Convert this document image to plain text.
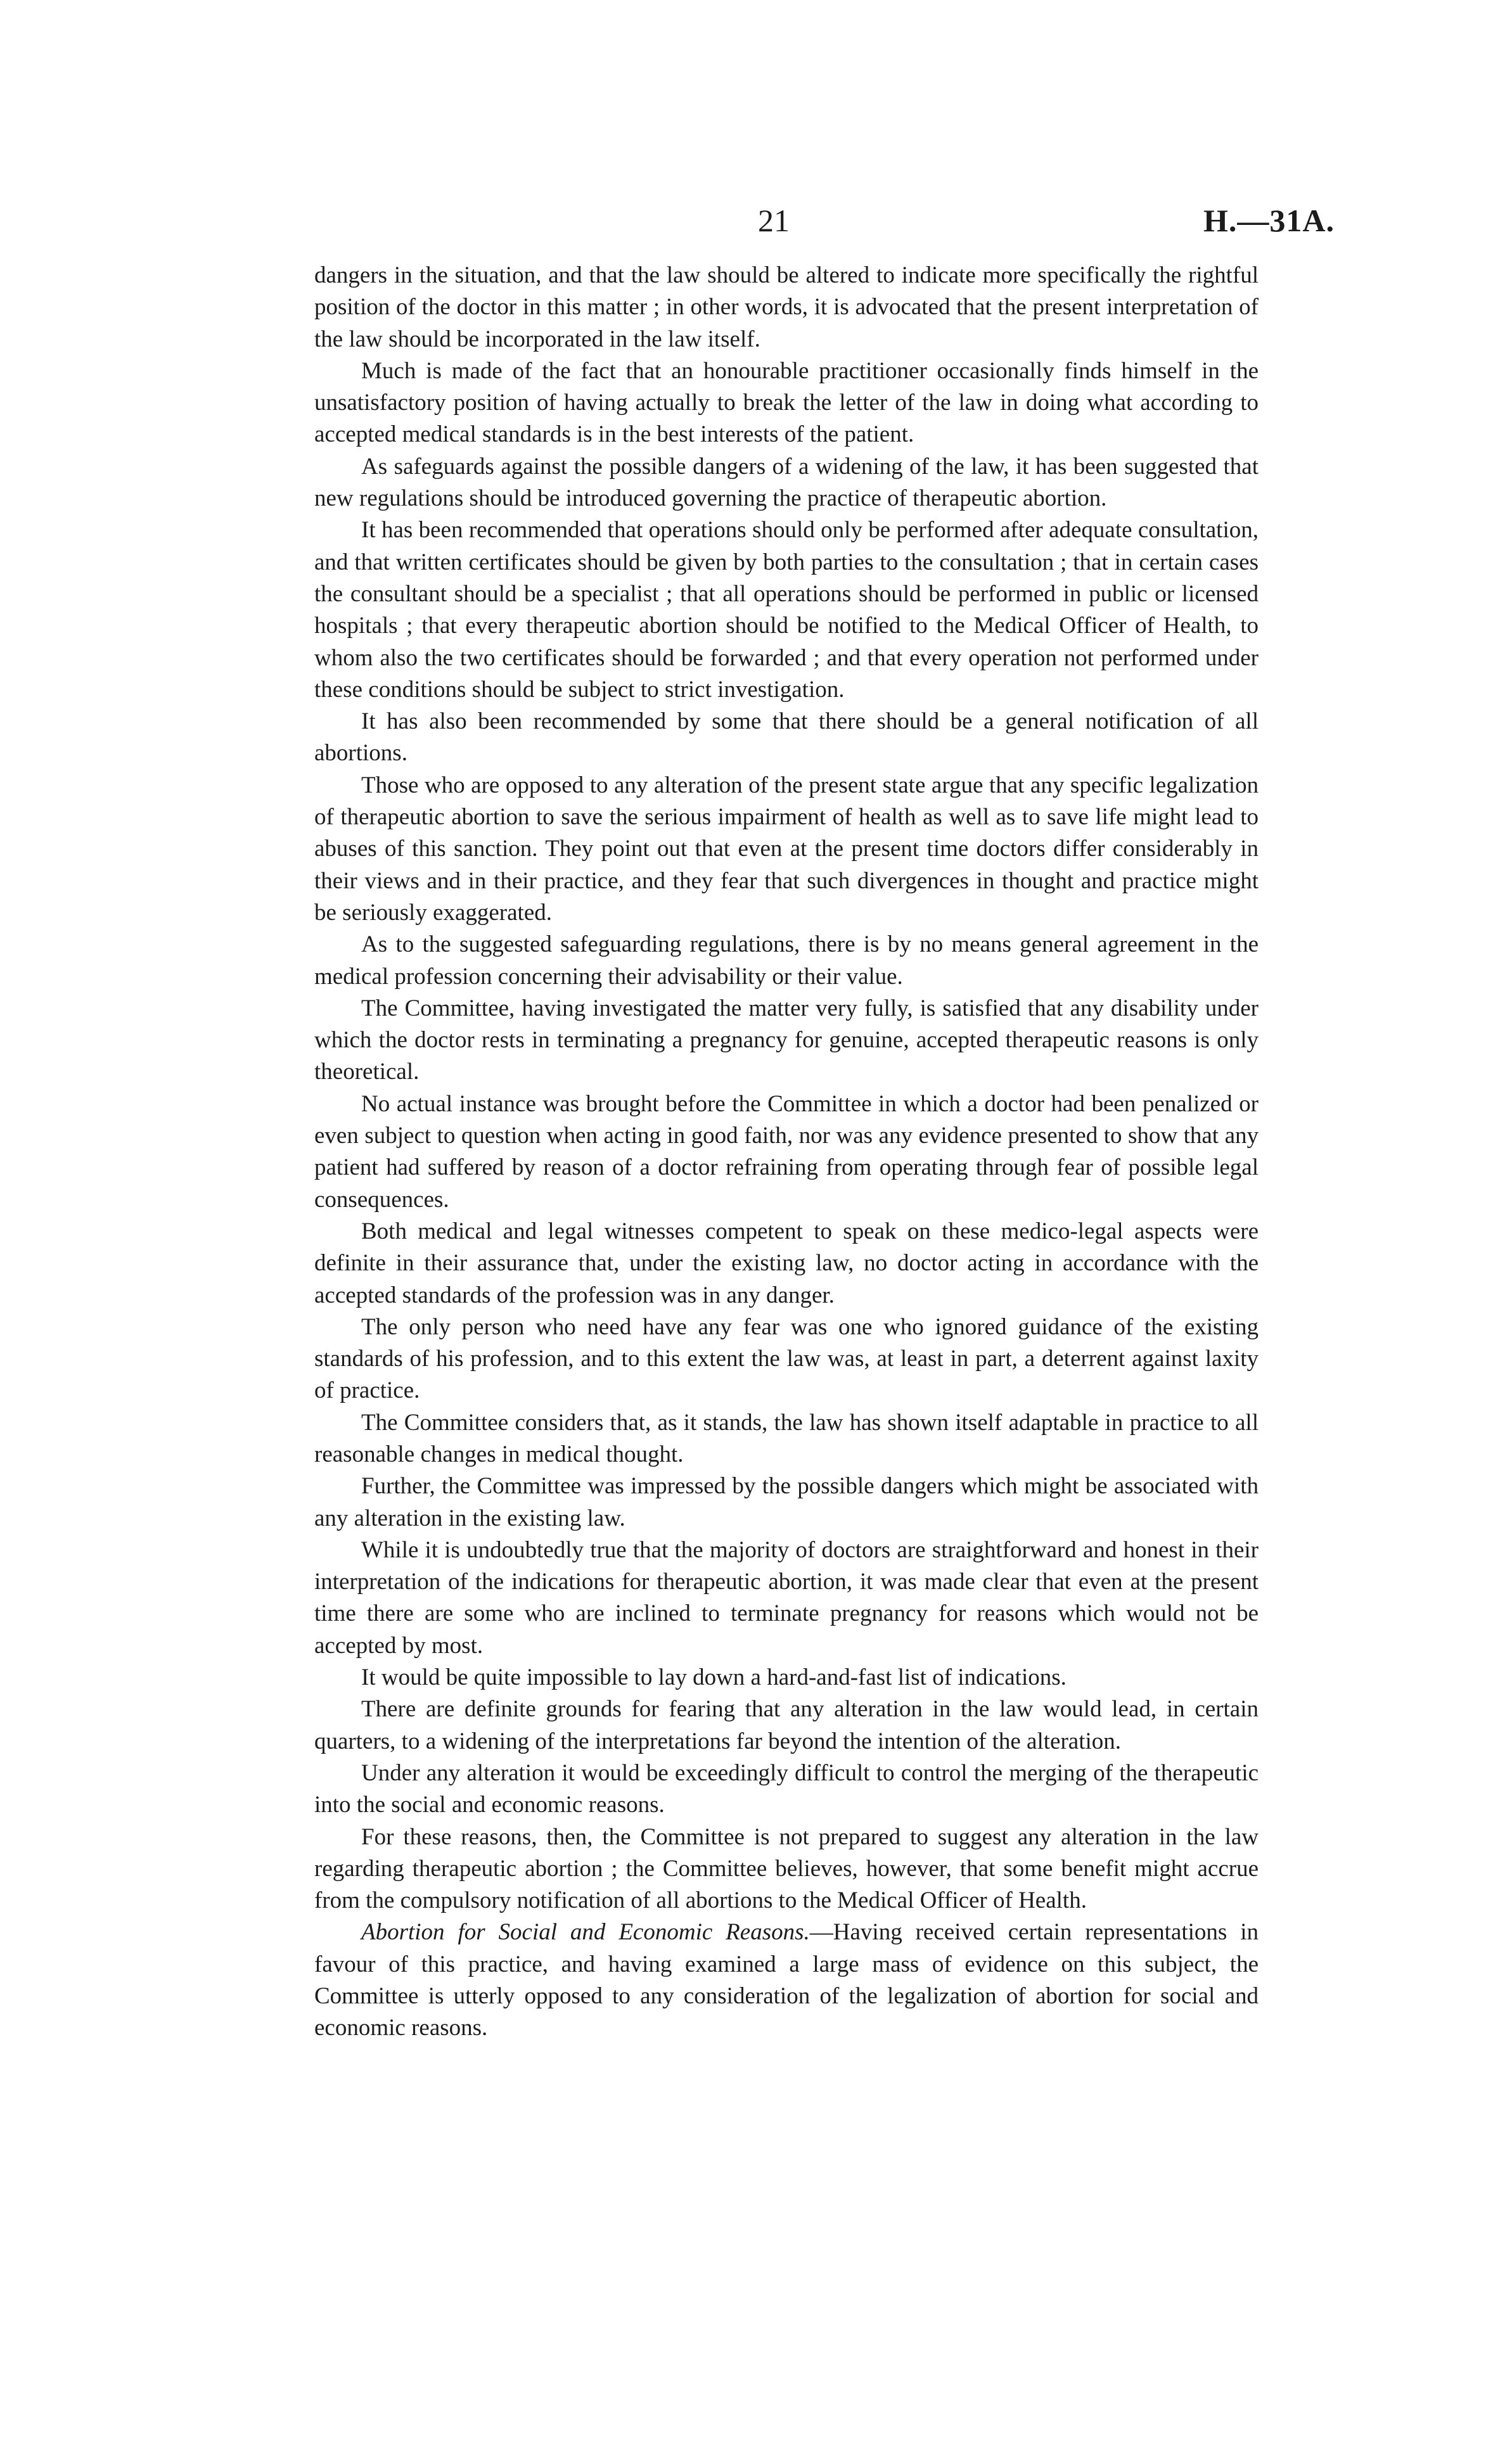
21	H.—31A.

dangers in the situation, and that the law should be altered to indicate more specifically the rightful position of the doctor in this matter ; in other words, it is advocated that the present interpretation of the law should be incorporated in the law itself.

Much is made of the fact that an honourable practitioner occasionally finds himself in the unsatisfactory position of having actually to break the letter of the law in doing what according to accepted medical standards is in the best interests of the patient.

As safeguards against the possible dangers of a widening of the law, it has been suggested that new regulations should be introduced governing the practice of therapeutic abortion.

It has been recommended that operations should only be performed after adequate consultation, and that written certificates should be given by both parties to the consultation ; that in certain cases the consultant should be a specialist ; that all operations should be performed in public or licensed hospitals ; that every therapeutic abortion should be notified to the Medical Officer of Health, to whom also the two certificates should be forwarded ; and that every operation not performed under these conditions should be subject to strict investigation.

It has also been recommended by some that there should be a general notification of all abortions.

Those who are opposed to any alteration of the present state argue that any specific legalization of therapeutic abortion to save the serious impairment of health as well as to save life might lead to abuses of this sanction. They point out that even at the present time doctors differ considerably in their views and in their practice, and they fear that such divergences in thought and practice might be seriously exaggerated.

As to the suggested safeguarding regulations, there is by no means general agreement in the medical profession concerning their advisability or their value.

The Committee, having investigated the matter very fully, is satisfied that any disability under which the doctor rests in terminating a pregnancy for genuine, accepted therapeutic reasons is only theoretical.

No actual instance was brought before the Committee in which a doctor had been penalized or even subject to question when acting in good faith, nor was any evidence presented to show that any patient had suffered by reason of a doctor refraining from operating through fear of possible legal consequences.

Both medical and legal witnesses competent to speak on these medico-legal aspects were definite in their assurance that, under the existing law, no doctor acting in accordance with the accepted standards of the profession was in any danger.

The only person who need have any fear was one who ignored guidance of the existing standards of his profession, and to this extent the law was, at least in part, a deterrent against laxity of practice.

The Committee considers that, as it stands, the law has shown itself adaptable in practice to all reasonable changes in medical thought.

Further, the Committee was impressed by the possible dangers which might be associated with any alteration in the existing law.

While it is undoubtedly true that the majority of doctors are straightforward and honest in their interpretation of the indications for therapeutic abortion, it was made clear that even at the present time there are some who are inclined to terminate pregnancy for reasons which would not be accepted by most.

It would be quite impossible to lay down a hard-and-fast list of indications.

There are definite grounds for fearing that any alteration in the law would lead, in certain quarters, to a widening of the interpretations far beyond the intention of the alteration.

Under any alteration it would be exceedingly difficult to control the merging of the therapeutic into the social and economic reasons.

For these reasons, then, the Committee is not prepared to suggest any alteration in the law regarding therapeutic abortion ; the Committee believes, however, that some benefit might accrue from the compulsory notification of all abortions to the Medical Officer of Health.

Abortion for Social and Economic Reasons.—Having received certain representations in favour of this practice, and having examined a large mass of evidence on this subject, the Committee is utterly opposed to any consideration of the legalization of abortion for social and economic reasons.
